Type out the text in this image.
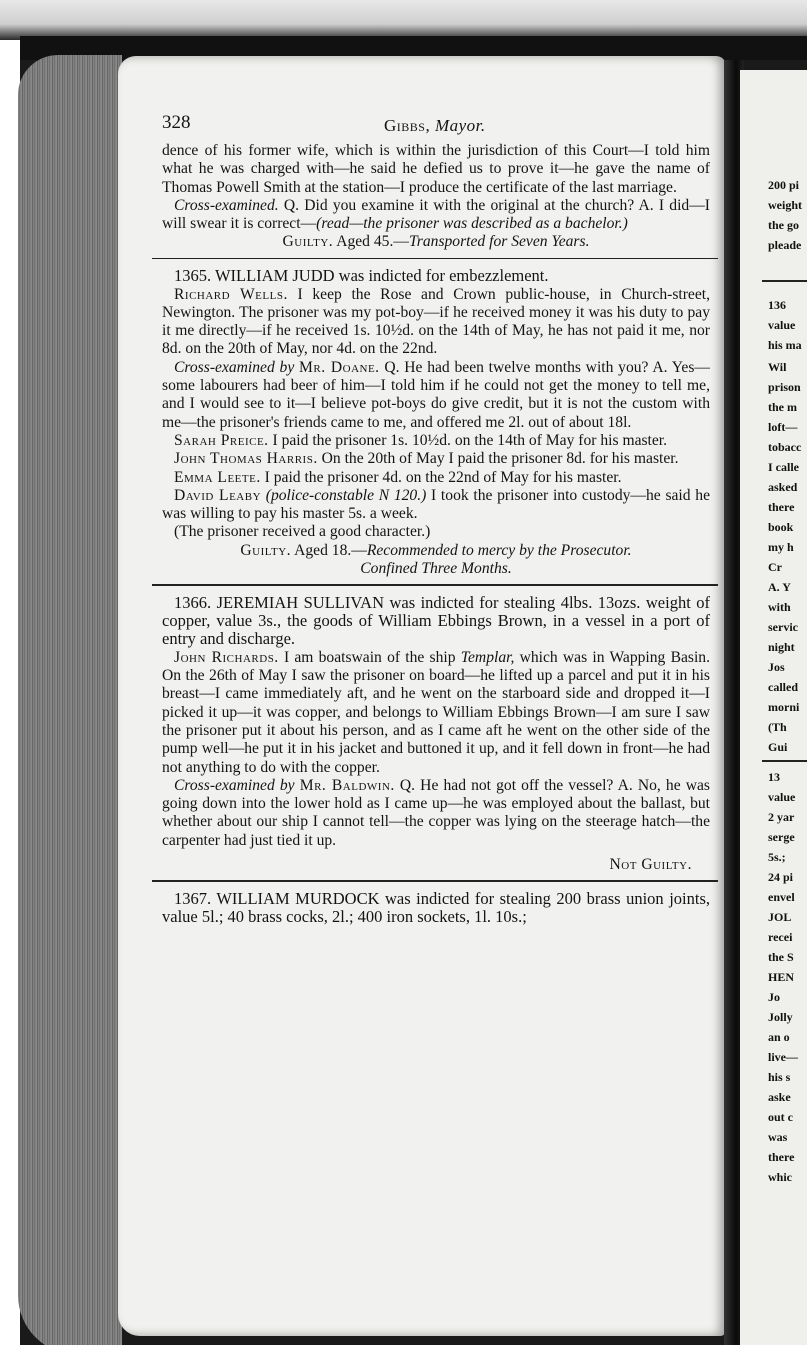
200 pi
weight
the go
pleade
136
value
his ma
Wil
prison
the m
loft—
tobacc
I calle
asked
there
book
my h
Cr
A. Y
with
servic
night
Jos
called
morni
(Th
Gui
13
value
2 yar
serge
5s.;
24 pi
envel
JOL
recei
the S
HEN
Jo
Jolly
an o
live—
his s
aske
out c
was
there
whic
328	Gibbs, Mayor.

dence of his former wife, which is within the jurisdiction of this Court—I told him what he was charged with—he said he defied us to prove it—he gave the name of Thomas Powell Smith at the station—I produce the certificate of the last marriage.

Cross-examined. Q. Did you examine it with the original at the church? A. I did—I will swear it is correct—(read—the prisoner was described as a bachelor.)

Guilty. Aged 45.—Transported for Seven Years.

1365. WILLIAM JUDD was indicted for embezzlement.

Richard Wells. I keep the Rose and Crown public-house, in Church-street, Newington. The prisoner was my pot-boy—if he received money it was his duty to pay it me directly—if he received 1s. 10½d. on the 14th of May, he has not paid it me, nor 8d. on the 20th of May, nor 4d. on the 22nd.

Cross-examined by Mr. Doane. Q. He had been twelve months with you? A. Yes—some labourers had beer of him—I told him if he could not get the money to tell me, and I would see to it—I believe pot-boys do give credit, but it is not the custom with me—the prisoner's friends came to me, and offered me 2l. out of about 18l.

Sarah Preice. I paid the prisoner 1s. 10½d. on the 14th of May for his master.

John Thomas Harris. On the 20th of May I paid the prisoner 8d. for his master.

Emma Leete. I paid the prisoner 4d. on the 22nd of May for his master.

David Leaby (police-constable N 120.) I took the prisoner into custody—he said he was willing to pay his master 5s. a week.

(The prisoner received a good character.)

Guilty. Aged 18.—Recommended to mercy by the Prosecutor.

Confined Three Months.

1366. JEREMIAH SULLIVAN was indicted for stealing 4lbs. 13ozs. weight of copper, value 3s., the goods of William Ebbings Brown, in a vessel in a port of entry and discharge.

John Richards. I am boatswain of the ship Templar, which was in Wapping Basin. On the 26th of May I saw the prisoner on board—he lifted up a parcel and put it in his breast—I came immediately aft, and he went on the starboard side and dropped it—I picked it up—it was copper, and belongs to William Ebbings Brown—I am sure I saw the prisoner put it about his person, and as I came aft he went on the other side of the pump well—he put it in his jacket and buttoned it up, and it fell down in front—he had not anything to do with the copper.

Cross-examined by Mr. Baldwin. Q. He had not got off the vessel? A. No, he was going down into the lower hold as I came up—he was employed about the ballast, but whether about our ship I cannot tell—the copper was lying on the steerage hatch—the carpenter had just tied it up.

Not Guilty.

1367. WILLIAM MURDOCK was indicted for stealing 200 brass union joints, value 5l.; 40 brass cocks, 2l.; 400 iron sockets, 1l. 10s.;
